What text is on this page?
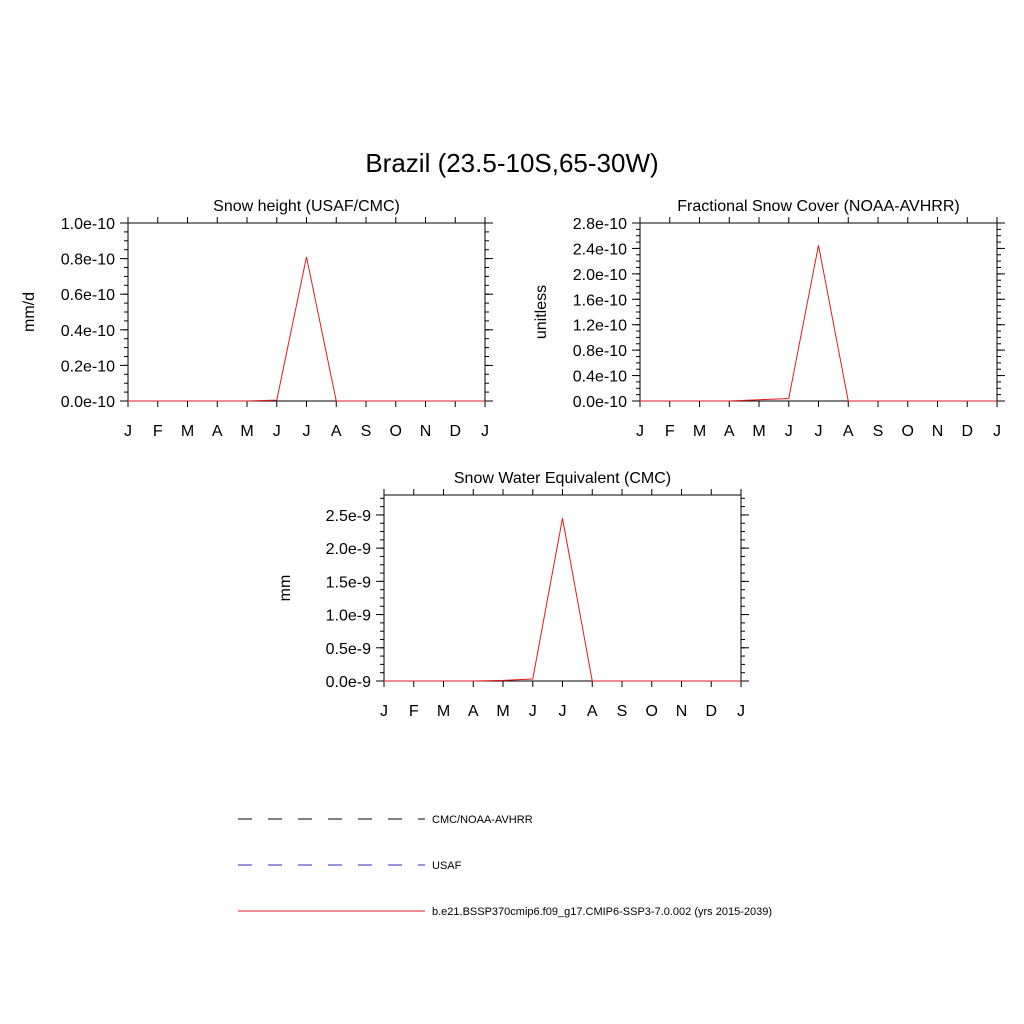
Brazil (23.5-10S,65-30W)
Snow height (USAF/CMC)
mm/d
J F M A M J J A S O N D J
0.0e-10
0.2e-10
0.4e-10
0.6e-10
0.8e-10
1.0e-10
Fractional Snow Cover (NOAA-AVHRR)
unitless
J F M A M J J A S O N D J
0.0e-10
0.4e-10
0.8e-10
1.2e-10
1.6e-10
2.0e-10
2.4e-10
2.8e-10
Snow Water Equivalent (CMC)
mm
J F M A M J J A S O N D J
0.0e-9
0.5e-9
1.0e-9
1.5e-9
2.0e-9
2.5e-9
CMC/NOAA-AVHRR
USAF
b.e21.BSSP370cmip6.f09_g17.CMIP6-SSP3-7.0.002 (yrs 2015-2039)
